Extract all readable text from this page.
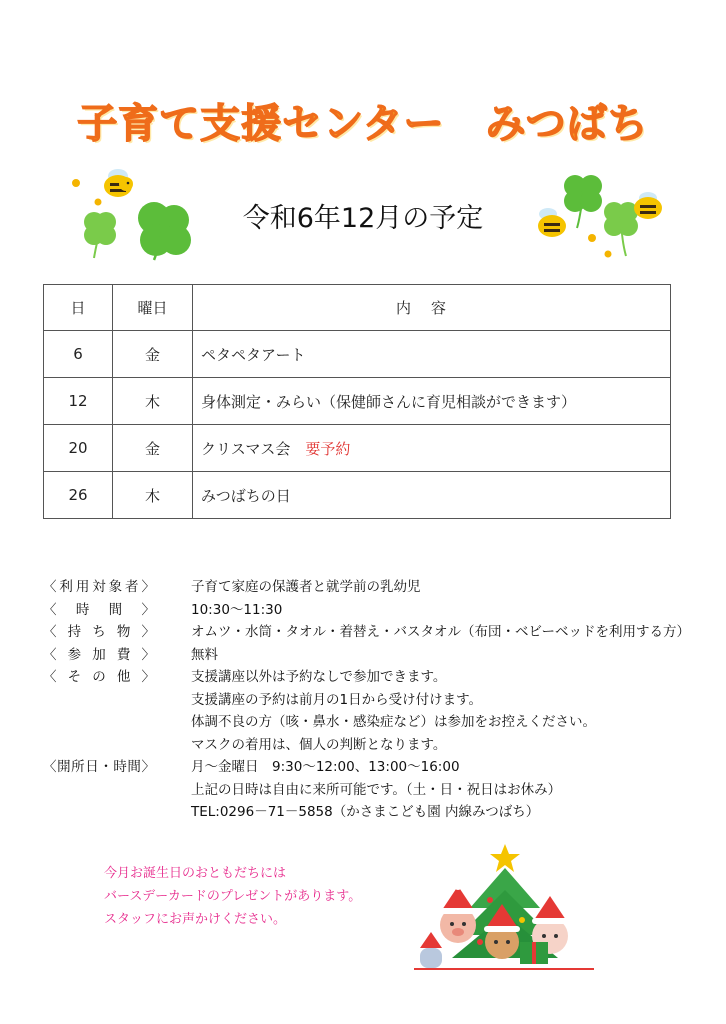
子育て支援センター　みつばち
令和6年12月の予定
日	曜日	内容
6	金	ペタペタアート
12	木	身体測定・みらい（保健師さんに育児相談ができます）
20	金	クリスマス会　 要予約
26	木	みつばちの日
〈 利 用 対 象 者 〉	子育て家庭の保護者と就学前の乳幼児
〈 時 間 〉	10:30～11:30
〈 持 ち 物 〉	オムツ・水筒・タオル・着替え・バスタオル（布団・ベビーベッドを利用する方）
〈 参 加 費 〉	無料
〈 そ の 他 〉	支援講座以外は予約なしで参加できます。
支援講座の予約は前月の1日から受け付けます。
体調不良の方（咳・鼻水・感染症など）は参加をお控えください。
マスクの着用は、個人の判断となります。
〈 開 所 日 ・ 時 間 〉	月～金曜日　9:30～12:00、13:00～16:00
上記の日時は自由に来所可能です。（土・日・祝日はお休み）
TEL:0296－71－5858（かさまこども園 内線みつばち）
今月お誕生日のおともだちには
バースデーカードのプレゼントがあります。
スタッフにお声かけください。
